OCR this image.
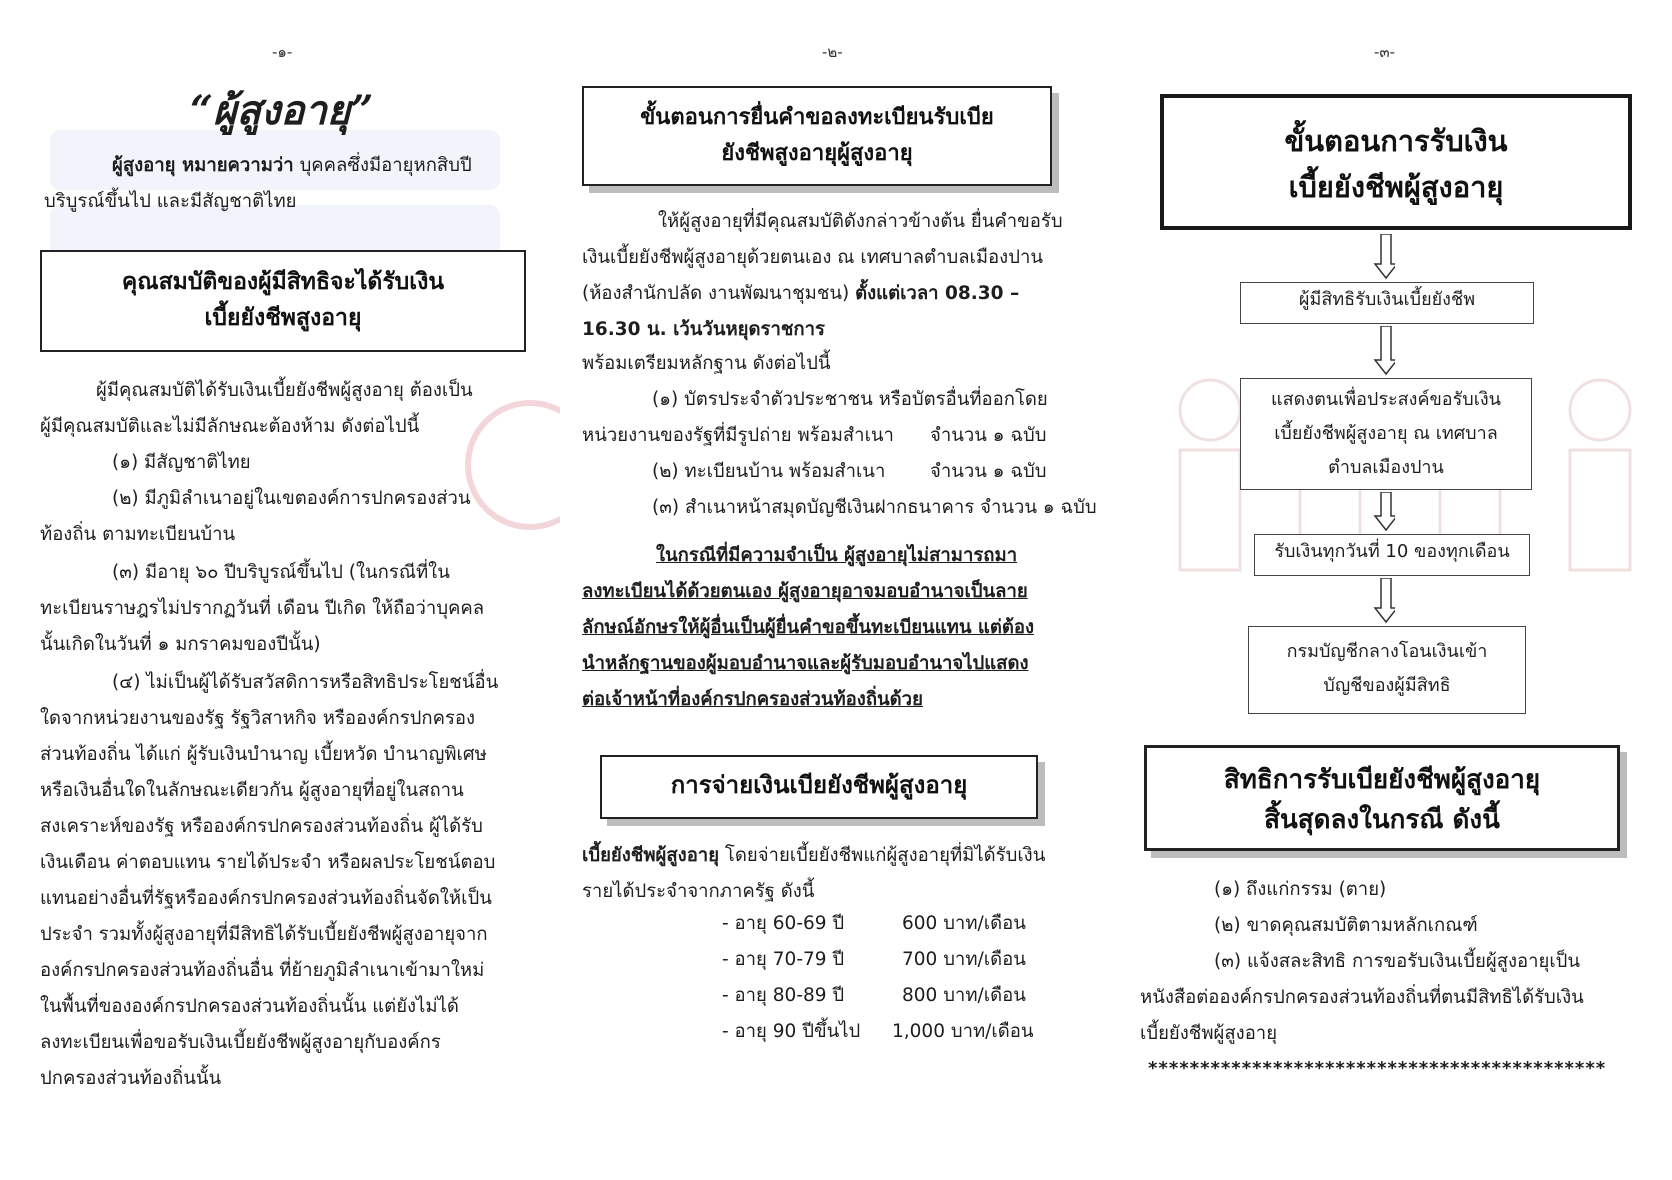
-๑-
“ผู้สูงอายุ”

ผู้สูงอายุ หมายความว่า บุคคลซึ่งมีอายุหกสิบปี

บริบูรณ์ขึ้นไป และมีสัญชาติไทย

คุณสมบัติของผู้มีสิทธิจะได้รับเงิน
เบี้ยยังชีพสูงอายุ

ผู้มีคุณสมบัติได้รับเงินเบี้ยยังชีพผู้สูงอายุ ต้องเป็น

ผู้มีคุณสมบัติและไม่มีลักษณะต้องห้าม ดังต่อไปนี้

(๑) มีสัญชาติไทย

(๒) มีภูมิลำเนาอยู่ในเขตองค์การปกครองส่วน

ท้องถิ่น ตามทะเบียนบ้าน

(๓) มีอายุ ๖๐ ปีบริบูรณ์ขึ้นไป (ในกรณีที่ใน

ทะเบียนราษฎรไม่ปรากฏวันที่ เดือน ปีเกิด ให้ถือว่าบุคคล

นั้นเกิดในวันที่ ๑ มกราคมของปีนั้น)

(๔) ไม่เป็นผู้ได้รับสวัสดิการหรือสิทธิประโยชน์อื่น

ใดจากหน่วยงานของรัฐ รัฐวิสาหกิจ หรือองค์กรปกครอง

ส่วนท้องถิ่น ได้แก่ ผู้รับเงินบำนาญ เบี้ยหวัด บำนาญพิเศษ

หรือเงินอื่นใดในลักษณะเดียวกัน ผู้สูงอายุที่อยู่ในสถาน

สงเคราะห์ของรัฐ หรือองค์กรปกครองส่วนท้องถิ่น ผู้ได้รับ

เงินเดือน ค่าตอบแทน รายได้ประจำ หรือผลประโยชน์ตอบ

แทนอย่างอื่นที่รัฐหรือองค์กรปกครองส่วนท้องถิ่นจัดให้เป็น

ประจำ รวมทั้งผู้สูงอายุที่มีสิทธิได้รับเบี้ยยังชีพผู้สูงอายุจาก

องค์กรปกครองส่วนท้องถิ่นอื่น ที่ย้ายภูมิลำเนาเข้ามาใหม่

ในพื้นที่ขององค์กรปกครองส่วนท้องถิ่นนั้น แต่ยังไม่ได้

ลงทะเบียนเพื่อขอรับเงินเบี้ยยังชีพผู้สูงอายุกับองค์กร

ปกครองส่วนท้องถิ่นนั้น

-๒-
ขั้นตอนการยื่นคำขอลงทะเบียนรับเบีย
ยังชีพสูงอายุผู้สูงอายุ

ให้ผู้สูงอายุที่มีคุณสมบัติดังกล่าวข้างต้น ยื่นคำขอรับ

เงินเบี้ยยังชีพผู้สูงอายุด้วยตนเอง ณ เทศบาลตำบลเมืองปาน

(ห้องสำนักปลัด งานพัฒนาชุมชน) ตั้งแต่เวลา 08.30 –

16.30 น. เว้นวันหยุดราชการ

พร้อมเตรียมหลักฐาน ดังต่อไปนี้

(๑) บัตรประจำตัวประชาชน หรือบัตรอื่นที่ออกโดย

หน่วยงานของรัฐที่มีรูปถ่าย พร้อมสำเนา จำนวน ๑ ฉบับ

(๒) ทะเบียนบ้าน พร้อมสำเนา จำนวน ๑ ฉบับ

(๓) สำเนาหน้าสมุดบัญชีเงินฝากธนาคาร จำนวน ๑ ฉบับ

ในกรณีที่มีความจำเป็น ผู้สูงอายุไม่สามารถมา

ลงทะเบียนได้ด้วยตนเอง ผู้สูงอายุอาจมอบอำนาจเป็นลาย

ลักษณ์อักษรให้ผู้อื่นเป็นผู้ยื่นคำขอขึ้นทะเบียนแทน แต่ต้อง

นำหลักฐานของผู้มอบอำนาจและผู้รับมอบอำนาจไปแสดง

ต่อเจ้าหน้าที่องค์กรปกครองส่วนท้องถิ่นด้วย

การจ่ายเงินเบียยังชีพผู้สูงอายุ

เบี้ยยังชีพผู้สูงอายุ โดยจ่ายเบี้ยยังชีพแก่ผู้สูงอายุที่มิได้รับเงิน

รายได้ประจำจากภาครัฐ ดังนี้

- อายุ 60-69 ปี	600 บาท/เดือน
- อายุ 70-79 ปี	700 บาท/เดือน
- อายุ 80-89 ปี	800 บาท/เดือน
- อายุ 90 ปีขึ้นไป	1,000 บาท/เดือน
-๓-
ขั้นตอนการรับเงิน
เบี้ยยังชีพผู้สูงอายุ
ผู้มีสิทธิรับเงินเบี้ยยังชีพ
แสดงตนเพื่อประสงค์ขอรับเงิน
เบี้ยยังชีพผู้สูงอายุ ณ เทศบาล
ตำบลเมืองปาน
รับเงินทุกวันที่ 10 ของทุกเดือน
กรมบัญชีกลางโอนเงินเข้า
บัญชีของผู้มีสิทธิ
สิทธิการรับเบียยังชีพผู้สูงอายุ
สิ้นสุดลงในกรณี ดังนี้

(๑) ถึงแก่กรรม (ตาย)

(๒) ขาดคุณสมบัติตามหลักเกณฑ์

(๓) แจ้งสละสิทธิ การขอรับเงินเบี้ยผู้สูงอายุเป็น

หนังสือต่อองค์กรปกครองส่วนท้องถิ่นที่ตนมีสิทธิได้รับเงิน

เบี้ยยังชีพผู้สูงอายุ

********************************************
